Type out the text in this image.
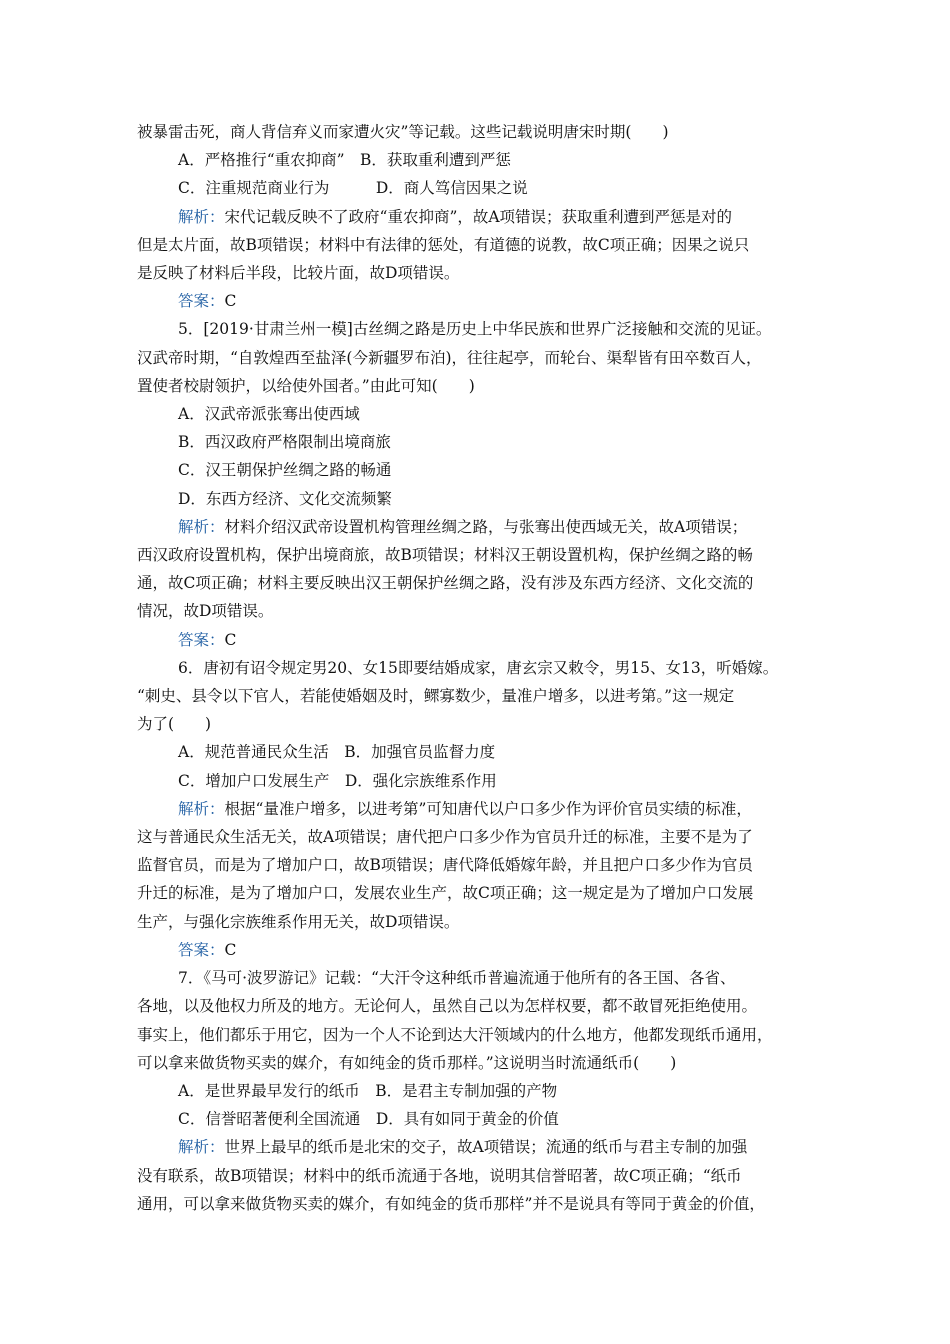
被暴雷击死，商人背信弃义而家遭火灾”等记载。这些记载说明唐宋时期(　　)
A．严格推行“重农抑商”　B．获取重利遭到严惩
C．注重规范商业行为　　　D．商人笃信因果之说
解析：宋代记载反映不了政府“重农抑商”，故A项错误；获取重利遭到严惩是对的
但是太片面，故B项错误；材料中有法律的惩处，有道德的说教，故C项正确；因果之说只
是反映了材料后半段，比较片面，故D项错误。
答案：C
5．[2019·甘肃兰州一模]古丝绸之路是历史上中华民族和世界广泛接触和交流的见证。
汉武帝时期，“自敦煌西至盐泽(今新疆罗布泊)，往往起亭，而轮台、渠犁皆有田卒数百人，
置使者校尉领护，以给使外国者。”由此可知(　　)
A．汉武帝派张骞出使西域
B．西汉政府严格限制出境商旅
C．汉王朝保护丝绸之路的畅通
D．东西方经济、文化交流频繁
解析：材料介绍汉武帝设置机构管理丝绸之路，与张骞出使西域无关，故A项错误；
西汉政府设置机构，保护出境商旅，故B项错误；材料汉王朝设置机构，保护丝绸之路的畅
通，故C项正确；材料主要反映出汉王朝保护丝绸之路，没有涉及东西方经济、文化交流的
情况，故D项错误。
答案：C
6．唐初有诏令规定男20、女15即要结婚成家，唐玄宗又敕令，男15、女13，听婚嫁。
“刺史、县令以下官人，若能使婚姻及时，鳏寡数少，量准户增多，以进考第。”这一规定
为了(　　)
A．规范普通民众生活　B．加强官员监督力度
C．增加户口发展生产　D．强化宗族维系作用
解析：根据“量准户增多，以进考第”可知唐代以户口多少作为评价官员实绩的标准，
这与普通民众生活无关，故A项错误；唐代把户口多少作为官员升迁的标准，主要不是为了
监督官员，而是为了增加户口，故B项错误；唐代降低婚嫁年龄，并且把户口多少作为官员
升迁的标准，是为了增加户口，发展农业生产，故C项正确；这一规定是为了增加户口发展
生产，与强化宗族维系作用无关，故D项错误。
答案：C
7．《马可·波罗游记》记载：“大汗令这种纸币普遍流通于他所有的各王国、各省、
各地，以及他权力所及的地方。无论何人，虽然自己以为怎样权要，都不敢冒死拒绝使用。
事实上，他们都乐于用它，因为一个人不论到达大汗领域内的什么地方，他都发现纸币通用，
可以拿来做货物买卖的媒介，有如纯金的货币那样。”这说明当时流通纸币(　　)
A．是世界最早发行的纸币　B．是君主专制加强的产物
C．信誉昭著便利全国流通　D．具有如同于黄金的价值
解析：世界上最早的纸币是北宋的交子，故A项错误；流通的纸币与君主专制的加强
没有联系，故B项错误；材料中的纸币流通于各地，说明其信誉昭著，故C项正确；“纸币
通用，可以拿来做货物买卖的媒介，有如纯金的货币那样”并不是说具有等同于黄金的价值，
